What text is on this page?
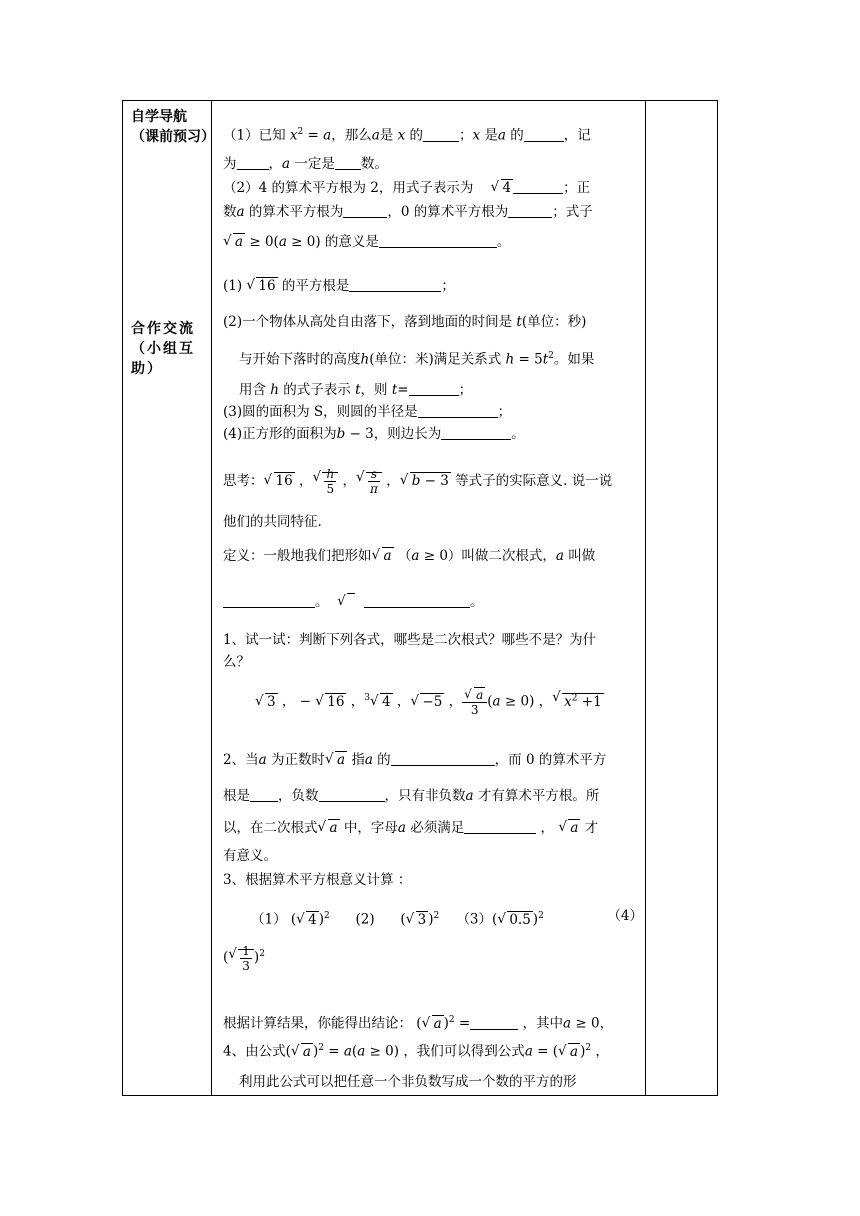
自学导航（课前预习）
合作交流（小组互助）
（1）已知 $x^2 = a$，那么a是 x 的	；x 是a 的	，记
为 ，a 一定是 数。
（2）4 的算术平方根为 2，用式子表示为 √ 4	；正
数a 的算术平方根为	，0 的算术平方根为	；式子
√ a ≥ 0(a ≥ 0) 的意义是	。
(1) √ 16 的平方根是	；
(2)一个物体从高处自由落下，落到地面的时间是 t(单位：秒)
与开始下落时的高度h(单位：米)满足关系式 $h = 5t^2$。如果
用含 h 的式子表示 t，则 t=	；
(3)圆的面积为 S，则圆的半径是	；
(4)正方形的面积为b − 3，则边长为	。
思考： √ 16 ， √ $\frac{h}{5}$ ， √ $\frac{s}{\pi}$ ， √ b − 3 等式子的实际意义. 说一说
他们的共同特征.
定义：一般地我们把形如 √ a （a ≥ 0）叫做二次根式，a 叫做
。 √	。
1、试一试：判断下列各式，哪些是二次根式？哪些不是？为什
么？
√ 3 ， − √ 16 ，$^3$ √ 4 ， √ −5 ， √ $\frac{a}{3} (a \ge 0)$ ， √ $x^2 +1$
2、当a 为正数时 √ a 指a 的	，而 0 的算术平方
根是 ，负数	，只有非负数a 才有算术平方根。所
以，在二次根式 √ a 中，字母a 必须满足	， √ a 才
有意义。
3、根据算术平方根意义计算 ：
（1） ( √ 4 )$^2$ (2)      ( √ 3 )$^2$ （3）( √ 0.5 )$^2$	（4）
( √ $\frac{1}{3} )^2$
根据计算结果，你能得出结论： ( √ a )$^2$ =	，其中a ≥ 0，
4、由公式( √ a )$^2$ = a(a ≥ 0) ，我们可以得到公式a = ( √ a )$^2$ ，
利用此公式可以把任意一个非负数写成一个数的平方的形
